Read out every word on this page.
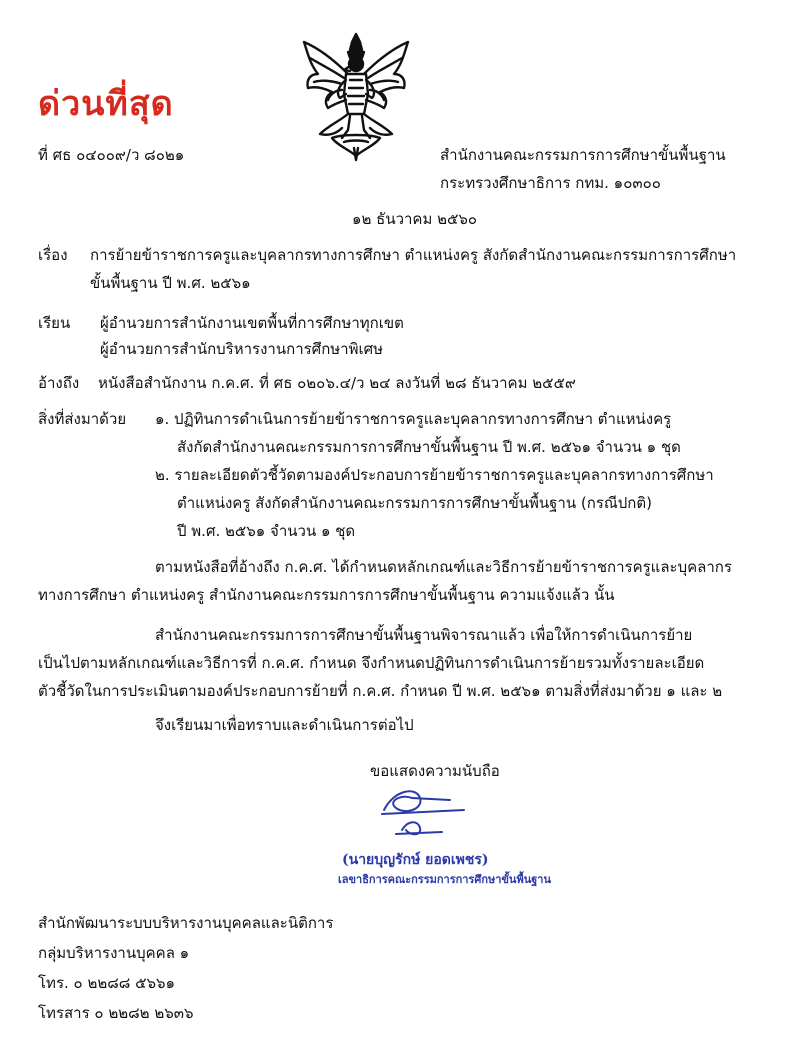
ด่วนที่สุด
ที่ ศธ ๐๔๐๐๙/ว ๘๐๒๑	สำนักงานคณะกรรมการการศึกษาขั้นพื้นฐาน
กระทรวงศึกษาธิการ กทม. ๑๐๓๐๐
๑๒ ธันวาคม ๒๕๖๐
เรื่อง การย้ายข้าราชการครูและบุคลากรทางการศึกษา ตำแหน่งครู สังกัดสำนักงานคณะกรรมการการศึกษา
ขั้นพื้นฐาน ปี พ.ศ. ๒๕๖๑
เรียน ผู้อำนวยการสำนักงานเขตพื้นที่การศึกษาทุกเขต
ผู้อำนวยการสำนักบริหารงานการศึกษาพิเศษ
อ้างถึง หนังสือสำนักงาน ก.ค.ศ. ที่ ศธ ๐๒๐๖.๔/ว ๒๔ ลงวันที่ ๒๘ ธันวาคม ๒๕๕๙
สิ่งที่ส่งมาด้วย ๑. ปฏิทินการดำเนินการย้ายข้าราชการครูและบุคลากรทางการศึกษา ตำแหน่งครู
สังกัดสำนักงานคณะกรรมการการศึกษาขั้นพื้นฐาน ปี พ.ศ. ๒๕๖๑ จำนวน ๑ ชุด
๒. รายละเอียดตัวชี้วัดตามองค์ประกอบการย้ายข้าราชการครูและบุคลากรทางการศึกษา
ตำแหน่งครู สังกัดสำนักงานคณะกรรมการการศึกษาขั้นพื้นฐาน (กรณีปกติ)
ปี พ.ศ. ๒๕๖๑ จำนวน ๑ ชุด
ตามหนังสือที่อ้างถึง ก.ค.ศ. ได้กำหนดหลักเกณฑ์และวิธีการย้ายข้าราชการครูและบุคลากร
ทางการศึกษา ตำแหน่งครู สำนักงานคณะกรรมการการศึกษาขั้นพื้นฐาน ความแจ้งแล้ว นั้น
สำนักงานคณะกรรมการการศึกษาขั้นพื้นฐานพิจารณาแล้ว เพื่อให้การดำเนินการย้าย
เป็นไปตามหลักเกณฑ์และวิธีการที่ ก.ค.ศ. กำหนด จึงกำหนดปฏิทินการดำเนินการย้ายรวมทั้งรายละเอียด
ตัวชี้วัดในการประเมินตามองค์ประกอบการย้ายที่ ก.ค.ศ. กำหนด ปี พ.ศ. ๒๕๖๑ ตามสิ่งที่ส่งมาด้วย ๑ และ ๒
จึงเรียนมาเพื่อทราบและดำเนินการต่อไป
ขอแสดงความนับถือ
(นายบุญรักษ์ ยอดเพชร)
เลขาธิการคณะกรรมการการศึกษาขั้นพื้นฐาน
สำนักพัฒนาระบบบริหารงานบุคคลและนิติการ
กลุ่มบริหารงานบุคคล ๑
โทร. ๐ ๒๒๘๘ ๕๖๖๑
โทรสาร ๐ ๒๒๘๒ ๒๖๓๖
